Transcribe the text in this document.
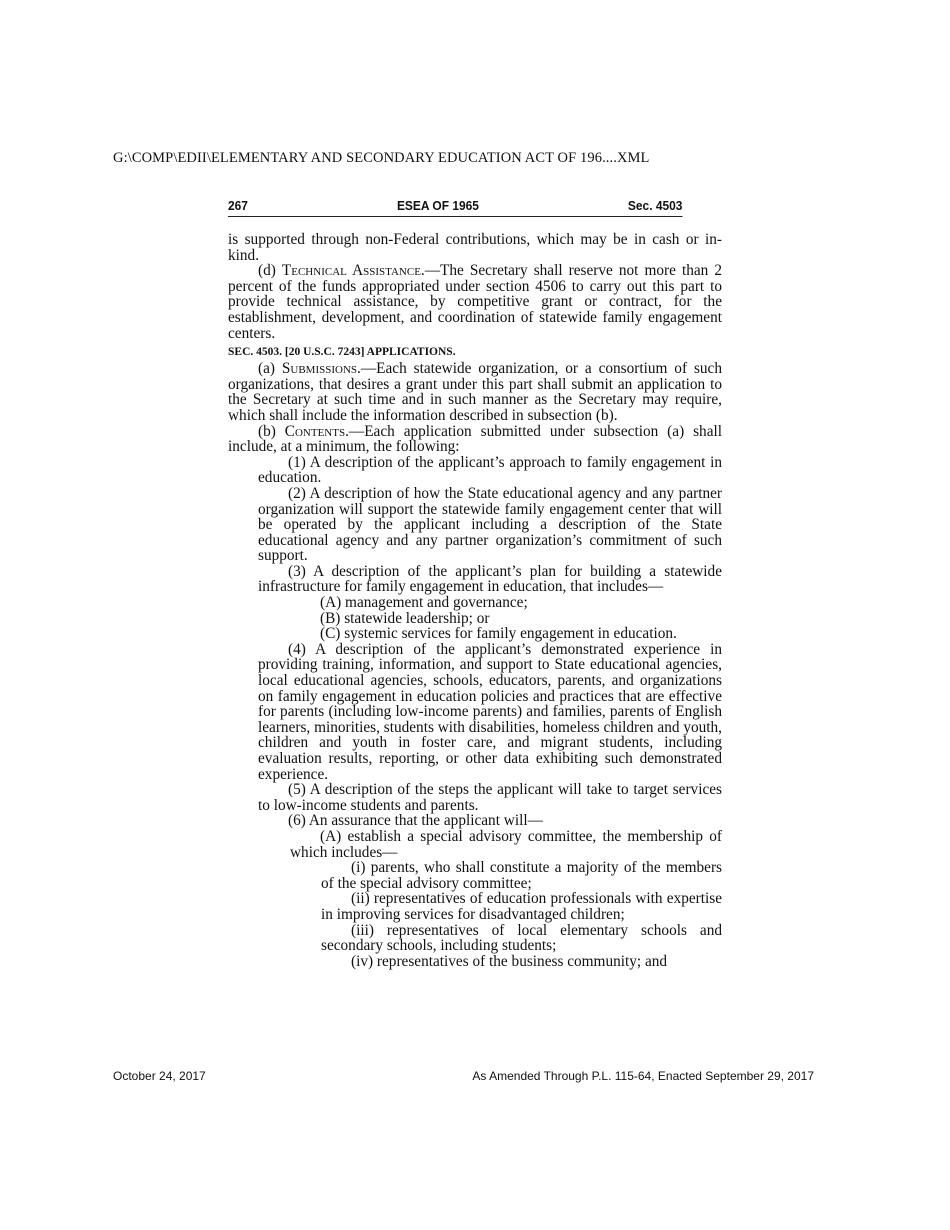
G:\COMP\EDII\ELEMENTARY AND SECONDARY EDUCATION ACT OF 196....XML
267	ESEA OF 1965	Sec. 4503

is supported through non-Federal contributions, which may be in cash or in-kind.

(d) Technical Assistance.—The Secretary shall reserve not more than 2 percent of the funds appropriated under section 4506 to carry out this part to provide technical assistance, by competitive grant or contract, for the establishment, development, and coordination of statewide family engagement centers.

SEC. 4503. [20 U.S.C. 7243] APPLICATIONS.

(a) Submissions.—Each statewide organization, or a consortium of such organizations, that desires a grant under this part shall submit an application to the Secretary at such time and in such manner as the Secretary may require, which shall include the information described in subsection (b).

(b) Contents.—Each application submitted under subsection (a) shall include, at a minimum, the following:

(1) A description of the applicant’s approach to family engagement in education.

(2) A description of how the State educational agency and any partner organization will support the statewide family engagement center that will be operated by the applicant including a description of the State educational agency and any partner organization’s commitment of such support.

(3) A description of the applicant’s plan for building a statewide infrastructure for family engagement in education, that includes—

(A) management and governance;

(B) statewide leadership; or

(C) systemic services for family engagement in education.

(4) A description of the applicant’s demonstrated experience in providing training, information, and support to State educational agencies, local educational agencies, schools, educators, parents, and organizations on family engagement in education policies and practices that are effective for parents (including low-income parents) and families, parents of English learners, minorities, students with disabilities, homeless children and youth, children and youth in foster care, and migrant students, including evaluation results, reporting, or other data exhibiting such demonstrated experience.

(5) A description of the steps the applicant will take to target services to low-income students and parents.

(6) An assurance that the applicant will—

(A) establish a special advisory committee, the membership of which includes—

(i) parents, who shall constitute a majority of the members of the special advisory committee;

(ii) representatives of education professionals with expertise in improving services for disadvantaged children;

(iii) representatives of local elementary schools and secondary schools, including students;

(iv) representatives of the business community; and

October 24, 2017	As Amended Through P.L. 115-64, Enacted September 29, 2017
